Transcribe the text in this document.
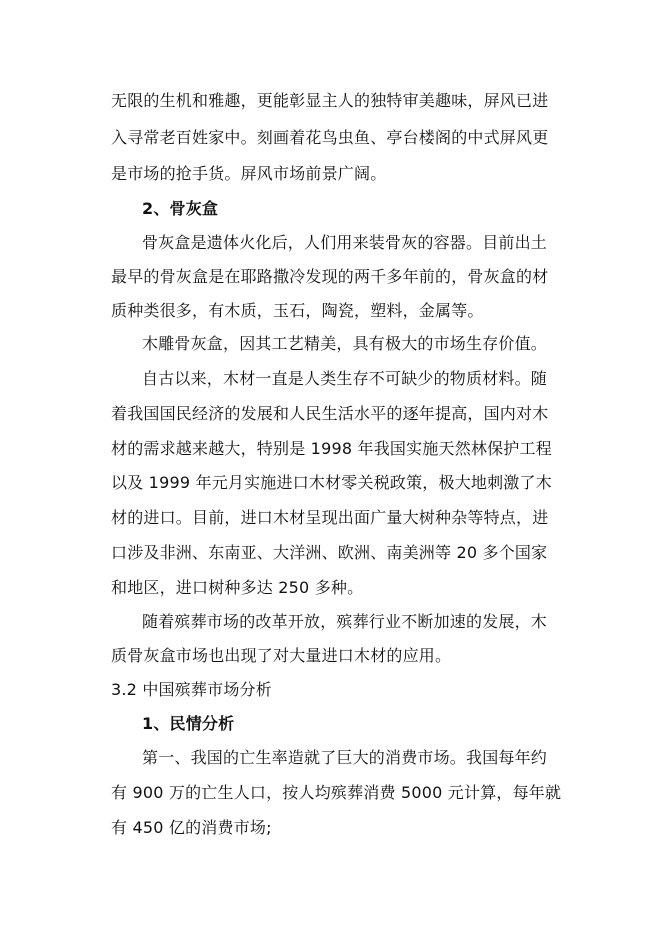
无限的生机和雅趣，更能彰显主人的独特审美趣味，屏风已进
入寻常老百姓家中。刻画着花鸟虫鱼、亭台楼阁的中式屏风更
是市场的抢手货。屏风市场前景广阔。
2、骨灰盒
骨灰盒是遗体火化后，人们用来装骨灰的容器。目前出土
最早的骨灰盒是在耶路撒冷发现的两千多年前的，骨灰盒的材
质种类很多，有木质，玉石，陶瓷，塑料，金属等。
木雕骨灰盒，因其工艺精美，具有极大的市场生存价值。
自古以来，木材一直是人类生存不可缺少的物质材料。随
着我国国民经济的发展和人民生活水平的逐年提高，国内对木
材的需求越来越大，特别是 1998 年我国实施天然林保护工程
以及 1999 年元月实施进口木材零关税政策，极大地刺激了木
材的进口。目前，进口木材呈现出面广量大树种杂等特点，进
口涉及非洲、东南亚、大洋洲、欧洲、南美洲等 20 多个国家
和地区，进口树种多达 250 多种。
随着殡葬市场的改革开放，殡葬行业不断加速的发展，木
质骨灰盒市场也出现了对大量进口木材的应用。
3.2 中国殡葬市场分析
1、民情分析
第一、我国的亡生率造就了巨大的消费市场。我国每年约
有 900 万的亡生人口，按人均殡葬消费 5000 元计算，每年就
有 450 亿的消费市场;
